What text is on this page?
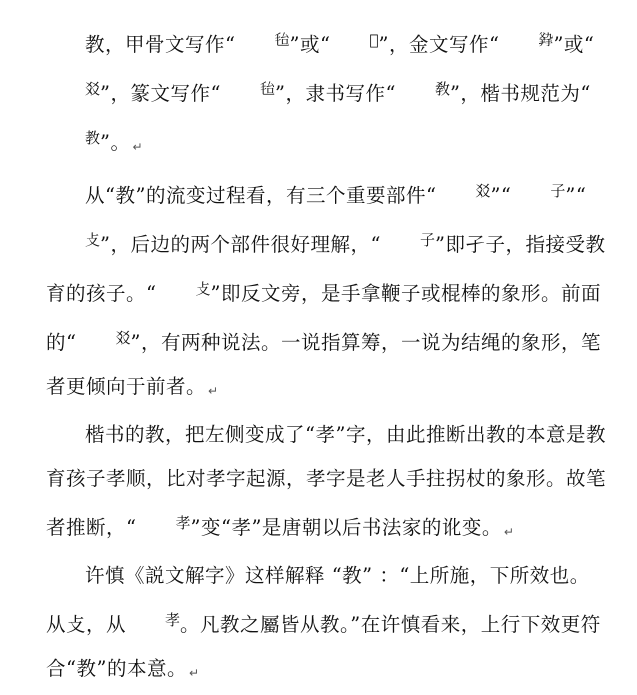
教，甲骨文写作“	𣭆”或“	𢼇”，金文写作“	𤕛”或“㸚”，篆文写作“	𣭆”，隶书写作“	敎”，楷书规范为“教”。 ↵

从“教”的流变过程看，有三个重要部件“	㸚”“	子”“攴”，后边的两个部件很好理解，“	子”即孑子，指接受教育的孩子。“	攴”即反文旁，是手拿鞭子或棍棒的象形。前面的“	㸚”，有两种说法。一说指算筹，一说为结绳的象形，笔者更倾向于前者。 ↵

楷书的教，把左侧变成了“孝”字，由此推断出教的本意是教育孩子孝顺，比对孝字起源，孝字是老人手拄拐杖的象形。故笔者推断，“	孝”变“孝”是唐朝以后书法家的讹变。 ↵

许慎《説文解字》这样解释 “教” ：“上所施，下所效也。从攴，从	孝。凡教之屬皆从教。”在许慎看来，上行下效更符合“教”的本意。 ↵
